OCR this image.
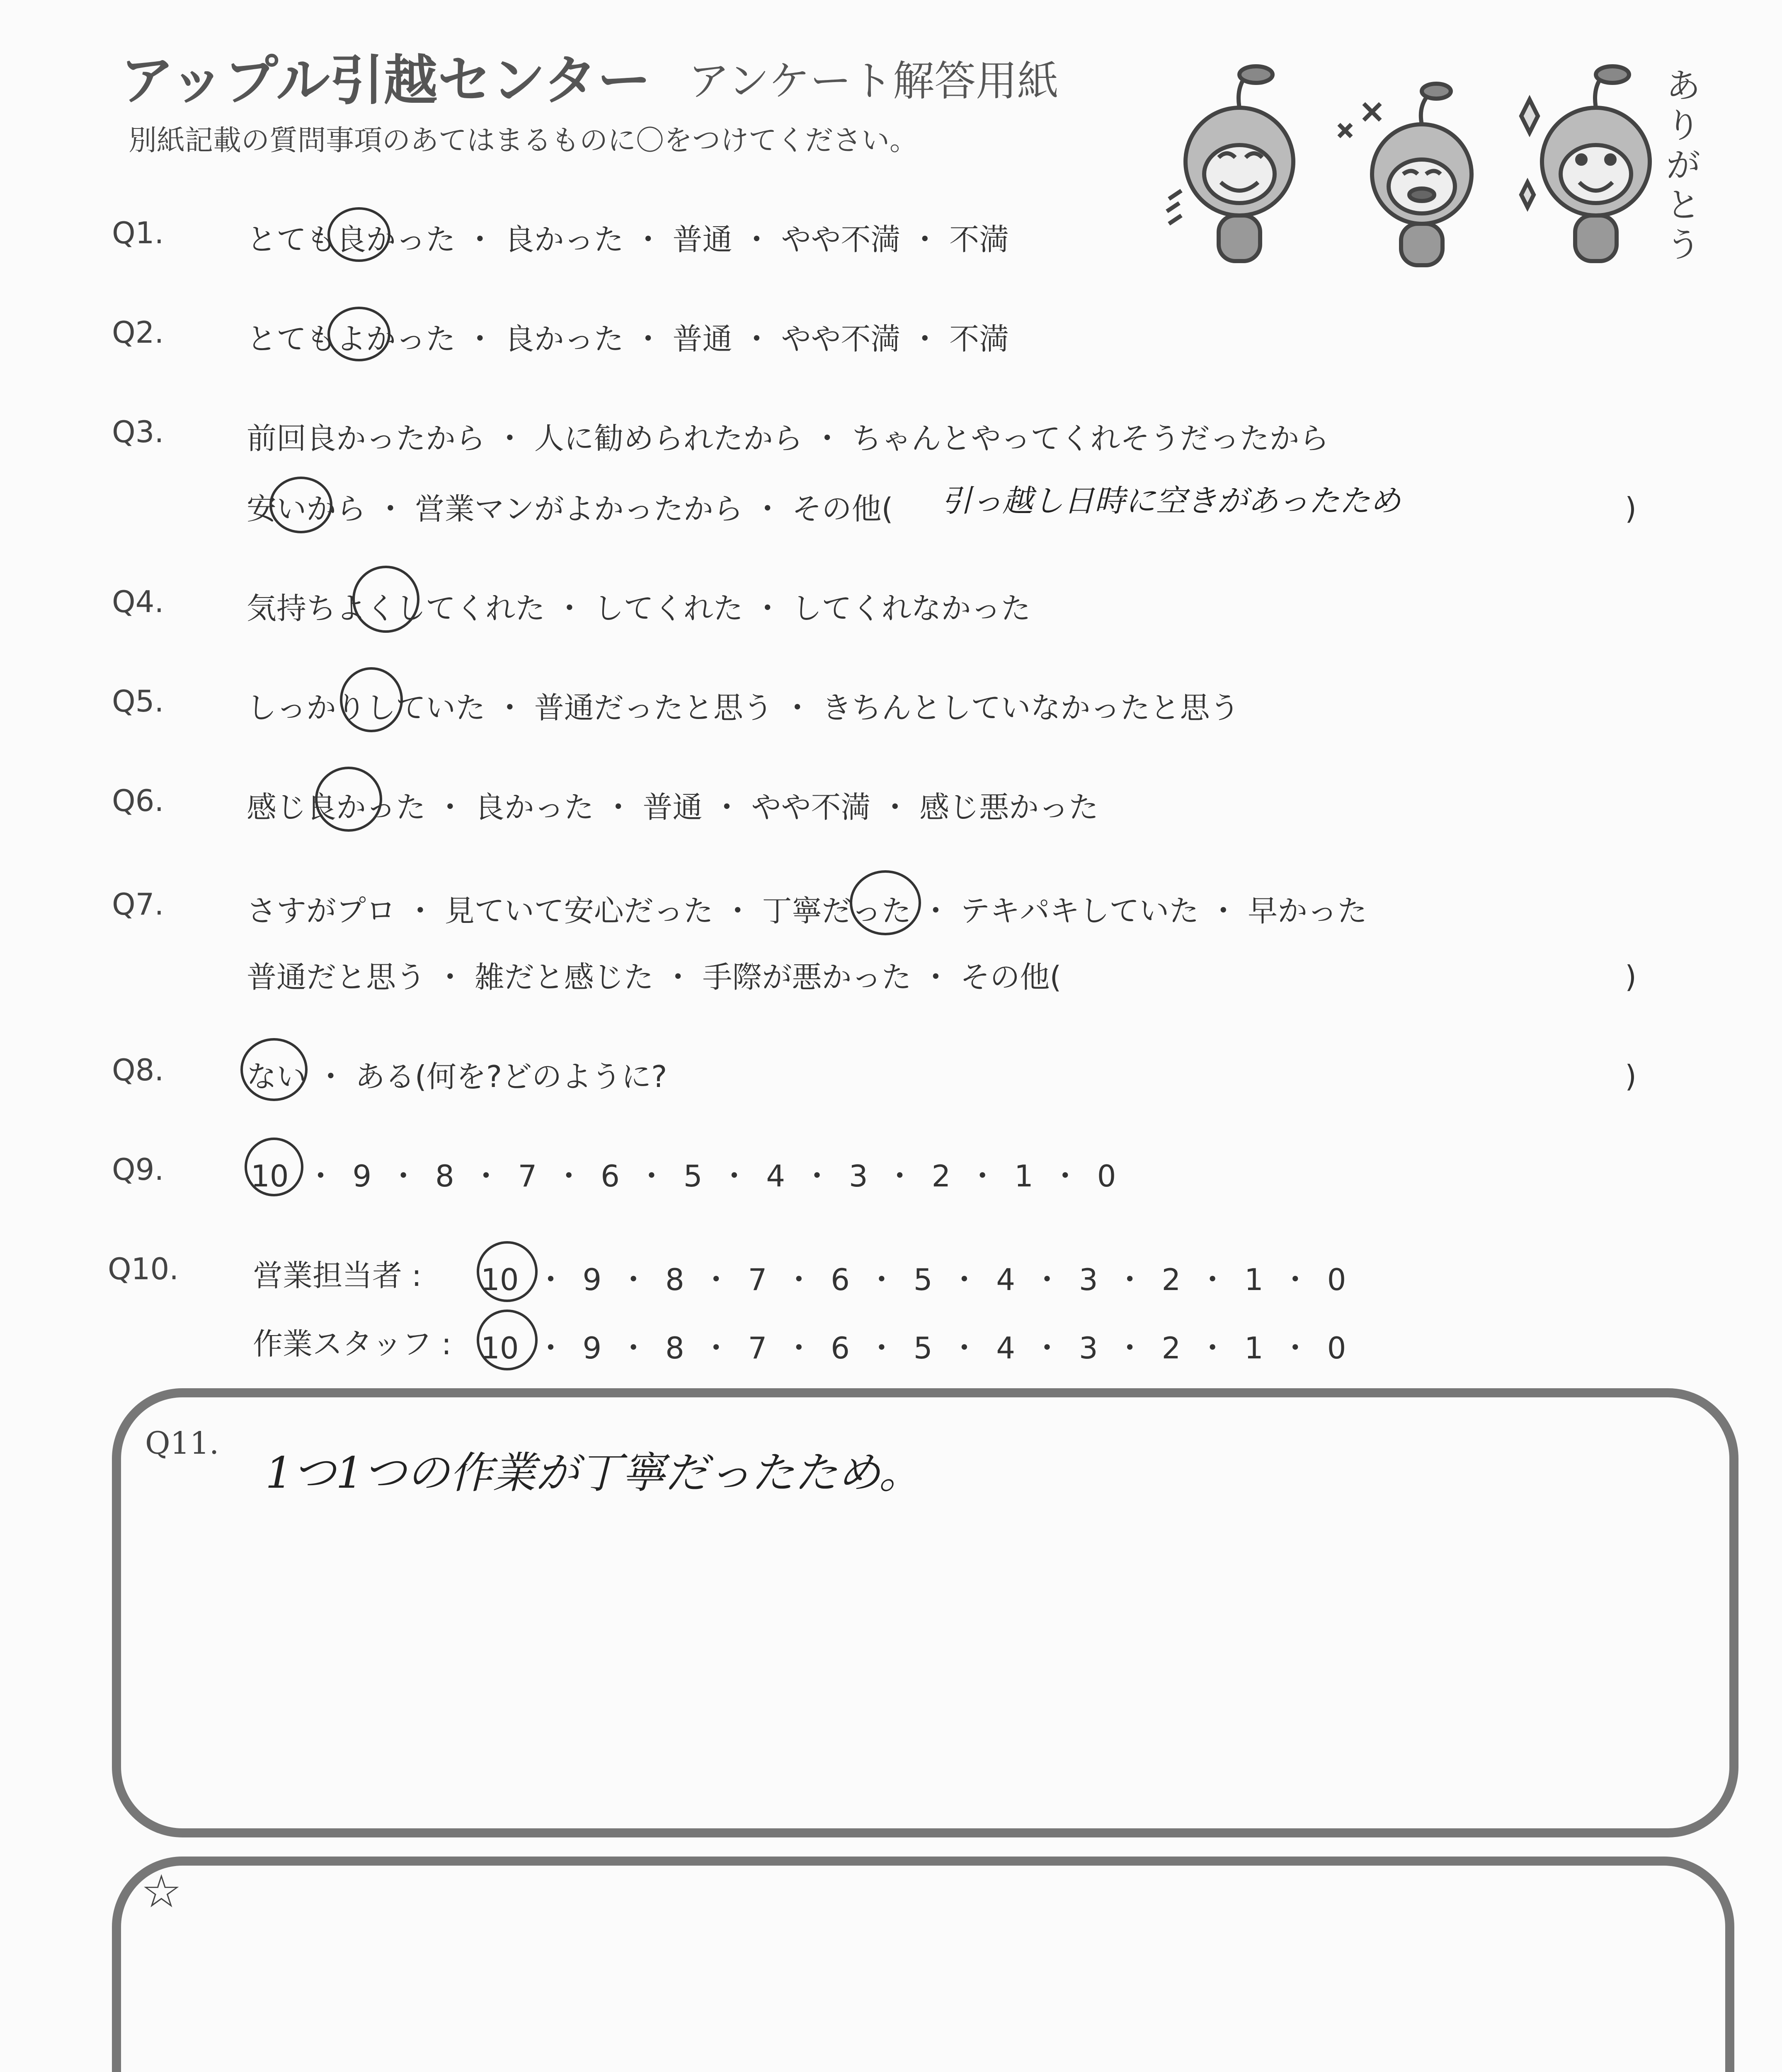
アップル引越センター アンケート解答用紙
別紙記載の質問事項のあてはまるものに〇をつけてください。
ありがとう
Q1.	とても良かった ・ 良かった ・ 普通 ・ やや不満 ・ 不満
Q2.	とてもよかった ・ 良かった ・ 普通 ・ やや不満 ・ 不満
Q3.	前回良かったから ・ 人に勧められたから ・ ちゃんとやってくれそうだったから
安いから ・ 営業マンがよかったから ・ その他( 引っ越し日時に空きがあったため	)
Q4.	気持ちよくしてくれた ・ してくれた ・ してくれなかった
Q5.	しっかりしていた ・ 普通だったと思う ・ きちんとしていなかったと思う
Q6.	感じ良かった ・ 良かった ・ 普通 ・ やや不満 ・ 感じ悪かった
Q7.	さすがプロ ・ 見ていて安心だった ・ 丁寧だった ・ テキパキしていた ・ 早かった
普通だと思う ・ 雑だと感じた ・ 手際が悪かった ・ その他(	)
Q8.	ない ・ ある(何を?どのように?	)
Q9.	10 ・ 9 ・ 8 ・ 7 ・ 6 ・ 5 ・ 4 ・ 3 ・ 2 ・ 1 ・ 0
Q10. 営業担当者 : 10 ・ 9 ・ 8 ・ 7 ・ 6 ・ 5 ・ 4 ・ 3 ・ 2 ・ 1 ・ 0
作業スタッフ : 10 ・ 9 ・ 8 ・ 7 ・ 6 ・ 5 ・ 4 ・ 3 ・ 2 ・ 1 ・ 0
Q11.
1つ1つの作業が丁寧だったため。
☆
